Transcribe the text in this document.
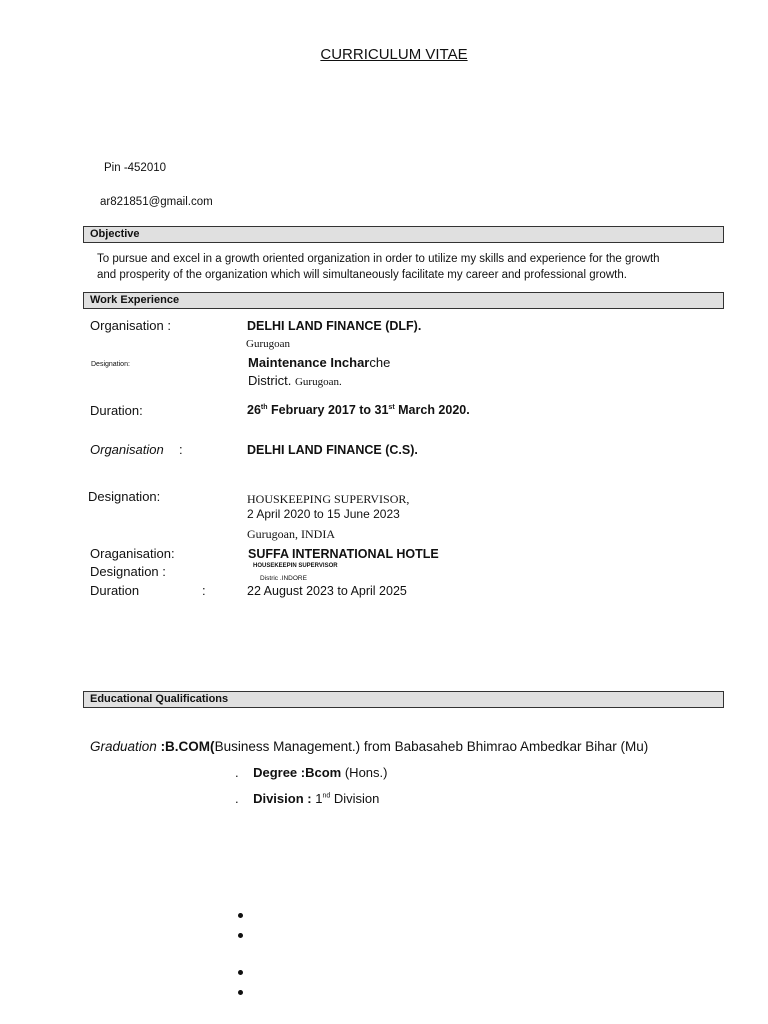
CURRICULUM VITAE
Pin -452010
ar821851@gmail.com
Objective
To pursue and excel in a growth oriented organization in order to utilize my skills and experience for the growth
and prosperity of the organization which will simultaneously facilitate my career and professional growth.
Work Experience
Organisation :	DELHI LAND FINANCE (DLF).
Gurugoan
Designation:	Maintenance Incharche
District. Gurugoan.
Duration:	26th February 2017 to 31st March 2020.
Organisation :	DELHI LAND FINANCE (C.S).
Designation:	HOUSKEEPING SUPERVISOR,
2 April 2020 to 15 June 2023
Gurugoan, INDIA
Oraganisation:	SUFFA INTERNATIONAL HOTLE
Designation :	HOUSEKEEPIN SUPERVISOR
Distric .INDORE
Duration	:	22 August 2023 to April 2025
Educational Qualifications
Graduation :B.COM(Business Management.) from Babasaheb Bhimrao Ambedkar Bihar (Mu)
. Degree :Bcom (Hons.)
. Division : 1nd Division
